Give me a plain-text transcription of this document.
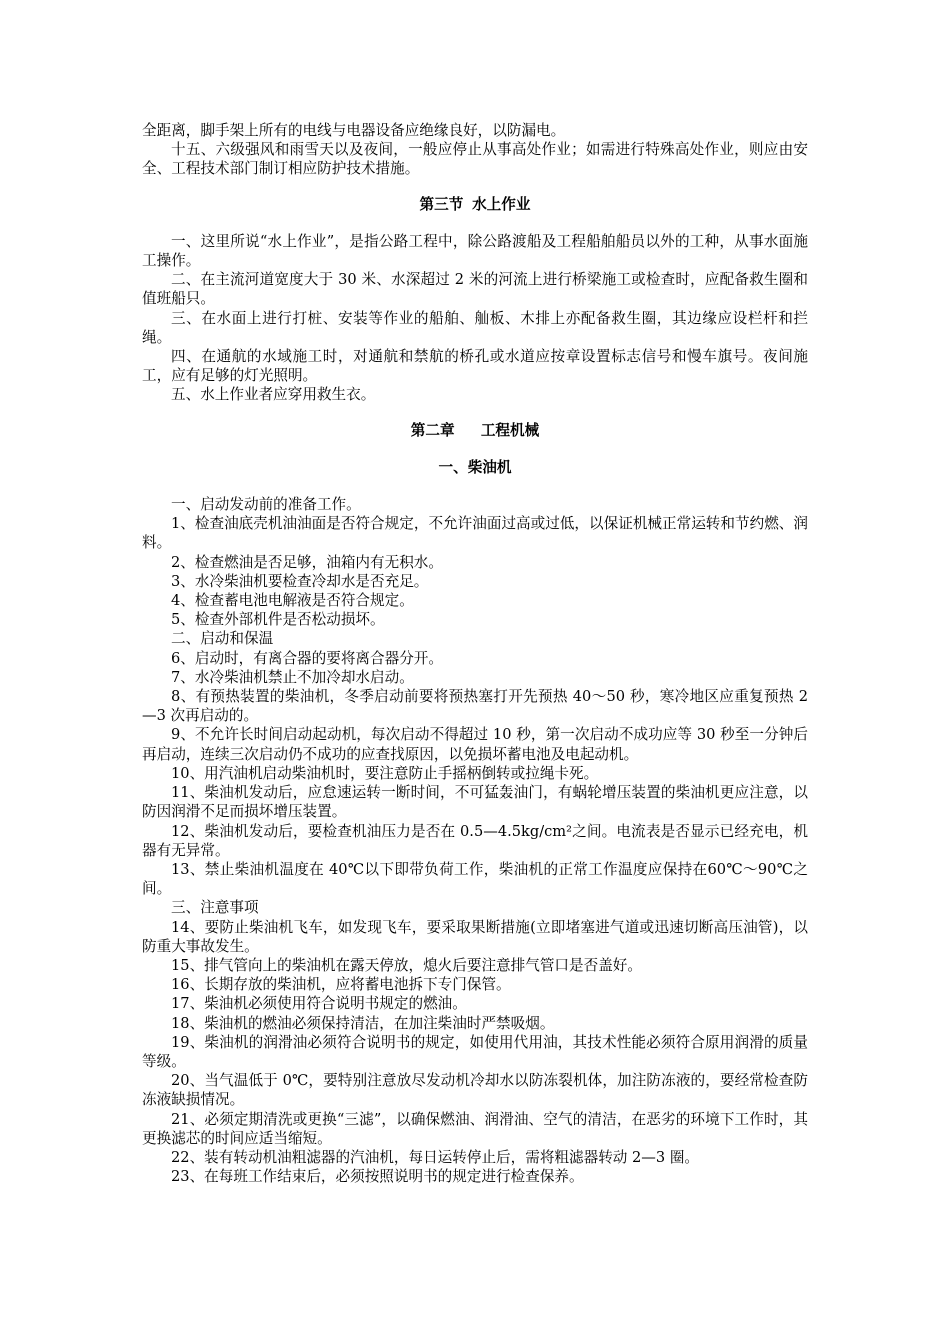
全距离，脚手架上所有的电线与电器设备应绝缘良好，以防漏电。

十五、六级强风和雨雪天以及夜间，一般应停止从事高处作业；如需进行特殊高处作业，则应由安全、工程技术部门制订相应防护技术措施。

第三节 水上作业

一、这里所说“水上作业”，是指公路工程中，除公路渡船及工程船舶船员以外的工种，从事水面施工操作。

二、在主流河道宽度大于 30 米、水深超过 2 米的河流上进行桥梁施工或检查时，应配备救生圈和值班船只。

三、在水面上进行打桩、安装等作业的船舶、舢板、木排上亦配备救生圈，其边缘应设栏杆和拦绳。

四、在通航的水域施工时，对通航和禁航的桥孔或水道应按章设置标志信号和慢车旗号。夜间施工，应有足够的灯光照明。

五、水上作业者应穿用救生衣。

第二章 工程机械
一、柴油机

一、启动发动前的准备工作。

1、检查油底壳机油油面是否符合规定，不允许油面过高或过低，以保证机械正常运转和节约燃、润料。

2、检查燃油是否足够，油箱内有无积水。

3、水冷柴油机要检查冷却水是否充足。

4、检查蓄电池电解液是否符合规定。

5、检查外部机件是否松动损坏。

二、启动和保温

6、启动时，有离合器的要将离合器分开。

7、水冷柴油机禁止不加冷却水启动。

8、有预热装置的柴油机，冬季启动前要将预热塞打开先预热 40～50 秒，寒冷地区应重复预热 2—3 次再启动的。

9、不允许长时间启动起动机，每次启动不得超过 10 秒，第一次启动不成功应等 30 秒至一分钟后再启动，连续三次启动仍不成功的应查找原因，以免损坏蓄电池及电起动机。

10、用汽油机启动柴油机时，要注意防止手摇柄倒转或拉绳卡死。

11、柴油机发动后，应怠速运转一断时间，不可猛轰油门，有蜗轮增压装置的柴油机更应注意，以防因润滑不足而损坏增压装置。

12、柴油机发动后，要检查机油压力是否在 0.5—4.5kg/cm²之间。电流表是否显示已经充电，机器有无异常。

13、禁止柴油机温度在 40℃以下即带负荷工作，柴油机的正常工作温度应保持在60℃～90℃之间。

三、注意事项

14、要防止柴油机飞车，如发现飞车，要采取果断措施(立即堵塞进气道或迅速切断高压油管)，以防重大事故发生。

15、排气管向上的柴油机在露天停放，熄火后要注意排气管口是否盖好。

16、长期存放的柴油机，应将蓄电池拆下专门保管。

17、柴油机必须使用符合说明书规定的燃油。

18、柴油机的燃油必须保持清洁，在加注柴油时严禁吸烟。

19、柴油机的润滑油必须符合说明书的规定，如使用代用油，其技术性能必须符合原用润滑的质量等级。

20、当气温低于 0℃，要特别注意放尽发动机冷却水以防冻裂机体，加注防冻液的，要经常检查防冻液缺损情况。

21、必须定期清洗或更换“三滤”，以确保燃油、润滑油、空气的清洁，在恶劣的环境下工作时，其更换滤芯的时间应适当缩短。

22、装有转动机油粗滤器的汽油机，每日运转停止后，需将粗滤器转动 2—3 圈。

23、在每班工作结束后，必须按照说明书的规定进行检查保养。
